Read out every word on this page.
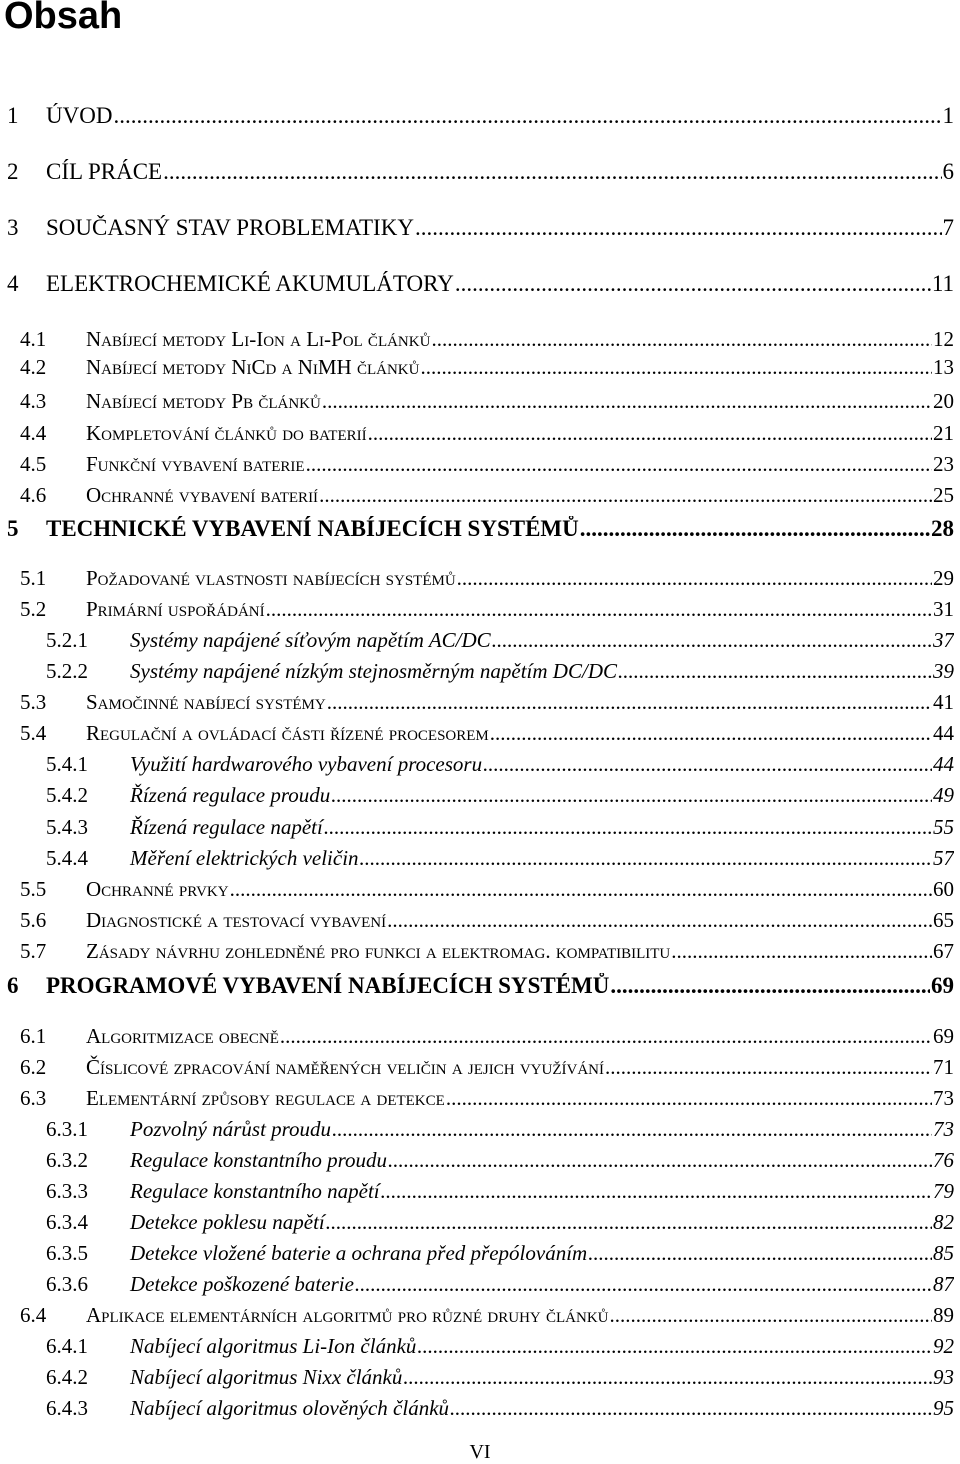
Obsah
1	ÚVOD .....	1
2	CÍL PRÁCE .....	6
3	SOUČASNÝ STAV PROBLEMATIKY .....	7
4	ELEKTROCHEMICKÉ AKUMULÁTORY .....	11
4.1	Nabíjecí metody Li-Ion a Li-Pol článků .....	12
4.2	Nabíjecí metody NiCd a NiMH článků .....	13
4.3	Nabíjecí metody Pb článků .....	20
4.4	Kompletování článků do baterií .....	21
4.5	Funkční vybavení baterie .....	23
4.6	Ochranné vybavení baterií .....	25
5	TECHNICKÉ VYBAVENÍ NABÍJECÍCH SYSTÉMŮ .....	28
5.1	Požadované vlastnosti nabíjecích systémů .....	29
5.2	Primární uspořádání .....	31
5.2.1	Systémy napájené síťovým napětím AC/DC .....	37
5.2.2	Systémy napájené nízkým stejnosměrným napětím DC/DC .....	39
5.3	Samočinné nabíjecí systémy .....	41
5.4	Regulační a ovládací části řízené procesorem .....	44
5.4.1	Využití hardwarového vybavení procesoru .....	44
5.4.2	Řízená regulace proudu .....	49
5.4.3	Řízená regulace napětí .....	55
5.4.4	Měření elektrických veličin .....	57
5.5	Ochranné prvky .....	60
5.6	Diagnostické a testovací vybavení .....	65
5.7	Zásady návrhu zohledněné pro funkci a elektromag. kompatibilitu .....	67
6	PROGRAMOVÉ VYBAVENÍ NABÍJECÍCH SYSTÉMŮ .....	69
6.1	Algoritmizace obecně .....	69
6.2	Číslicové zpracování naměřených veličin a jejich využívání .....	71
6.3	Elementární způsoby regulace a detekce .....	73
6.3.1	Pozvolný nárůst proudu .....	73
6.3.2	Regulace konstantního proudu .....	76
6.3.3	Regulace konstantního napětí .....	79
6.3.4	Detekce poklesu napětí .....	82
6.3.5	Detekce vložené baterie a ochrana před přepólováním .....	85
6.3.6	Detekce poškozené baterie .....	87
6.4	Aplikace elementárních algoritmů pro různé druhy článků .....	89
6.4.1	Nabíjecí algoritmus Li-Ion článků .....	92
6.4.2	Nabíjecí algoritmus Nixx článků .....	93
6.4.3	Nabíjecí algoritmus olověných článků .....	95
VI
